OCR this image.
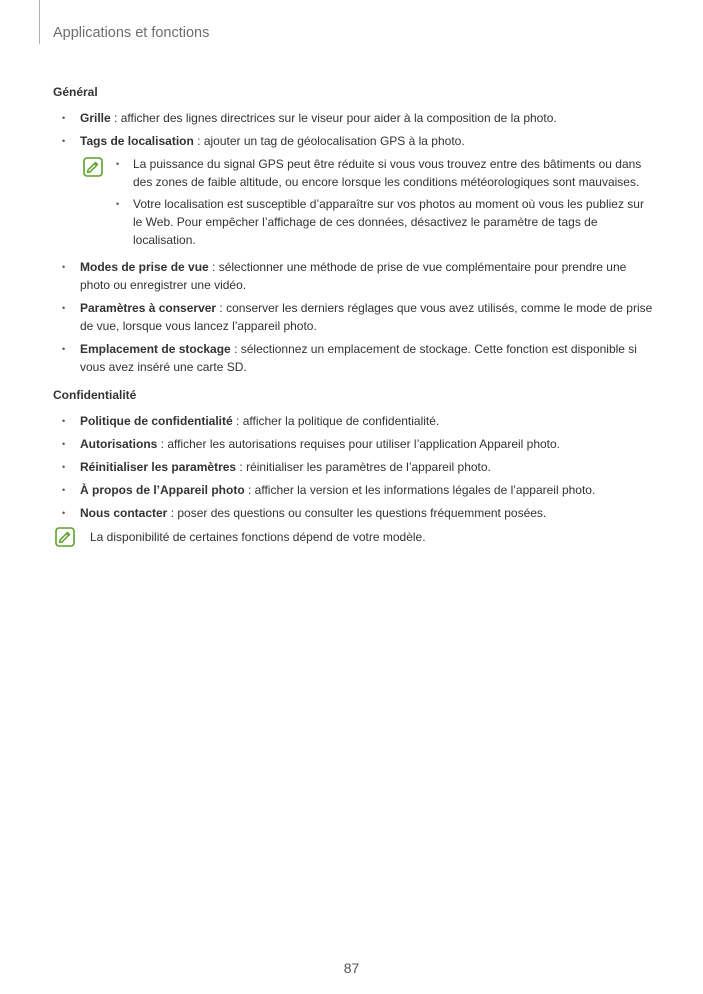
Applications et fonctions
Général
• Grille : afficher des lignes directrices sur le viseur pour aider à la composition de la photo.
• Tags de localisation : ajouter un tag de géolocalisation GPS à la photo.
• La puissance du signal GPS peut être réduite si vous vous trouvez entre des bâtiments ou dans des zones de faible altitude, ou encore lorsque les conditions météorologiques sont mauvaises.
• Votre localisation est susceptible d’apparaître sur vos photos au moment où vous les publiez sur le Web. Pour empêcher l’affichage de ces données, désactivez le paramètre de tags de localisation.
• Modes de prise de vue : sélectionner une méthode de prise de vue complémentaire pour prendre une photo ou enregistrer une vidéo.
• Paramètres à conserver : conserver les derniers réglages que vous avez utilisés, comme le mode de prise de vue, lorsque vous lancez l’appareil photo.
• Emplacement de stockage : sélectionnez un emplacement de stockage. Cette fonction est disponible si vous avez inséré une carte SD.
Confidentialité
• Politique de confidentialité : afficher la politique de confidentialité.
• Autorisations : afficher les autorisations requises pour utiliser l’application Appareil photo.
• Réinitialiser les paramètres : réinitialiser les paramètres de l’appareil photo.
• À propos de l’Appareil photo : afficher la version et les informations légales de l’appareil photo.
• Nous contacter : poser des questions ou consulter les questions fréquemment posées.
La disponibilité de certaines fonctions dépend de votre modèle.
87
